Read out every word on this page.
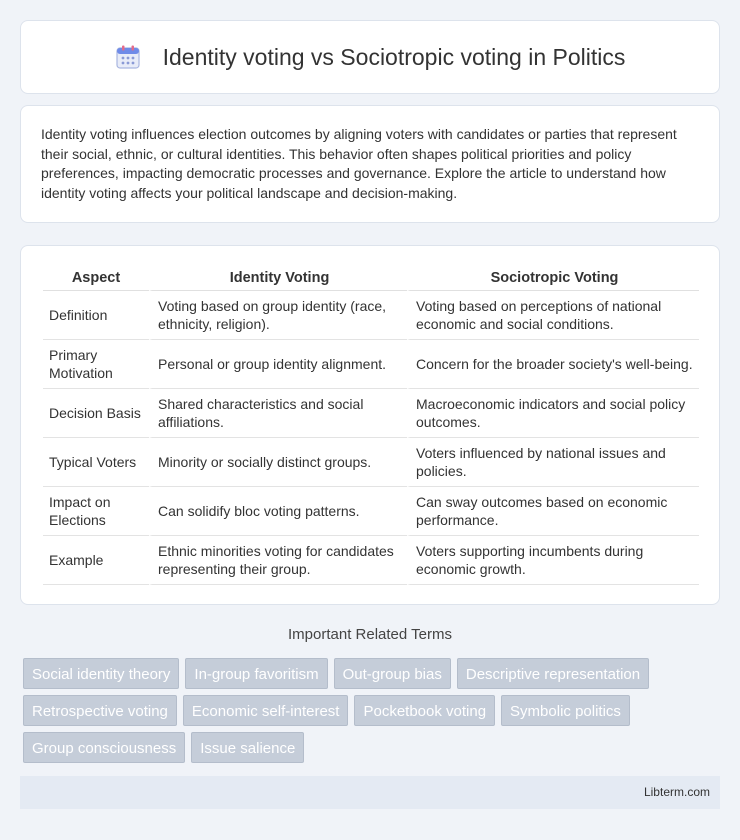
Identity voting vs Sociotropic voting in Politics

Identity voting influences election outcomes by aligning voters with candidates or parties that represent their social, ethnic, or cultural identities. This behavior often shapes political priorities and policy preferences, impacting democratic processes and governance. Explore the article to understand how identity voting affects your political landscape and decision-making.

Aspect	Identity Voting	Sociotropic Voting
Definition	Voting based on group identity (race, ethnicity, religion).	Voting based on perceptions of national economic and social conditions.
Primary Motivation	Personal or group identity alignment.	Concern for the broader society's well-being.
Decision Basis	Shared characteristics and social affiliations.	Macroeconomic indicators and social policy outcomes.
Typical Voters	Minority or socially distinct groups.	Voters influenced by national issues and policies.
Impact on Elections	Can solidify bloc voting patterns.	Can sway outcomes based on economic performance.
Example	Ethnic minorities voting for candidates representing their group.	Voters supporting incumbents during economic growth.
Important Related Terms
Social identity theory	In-group favoritism	Out-group bias	Descriptive representation
Retrospective voting	Economic self-interest	Pocketbook voting	Symbolic politics
Group consciousness	Issue salience
Libterm.com
